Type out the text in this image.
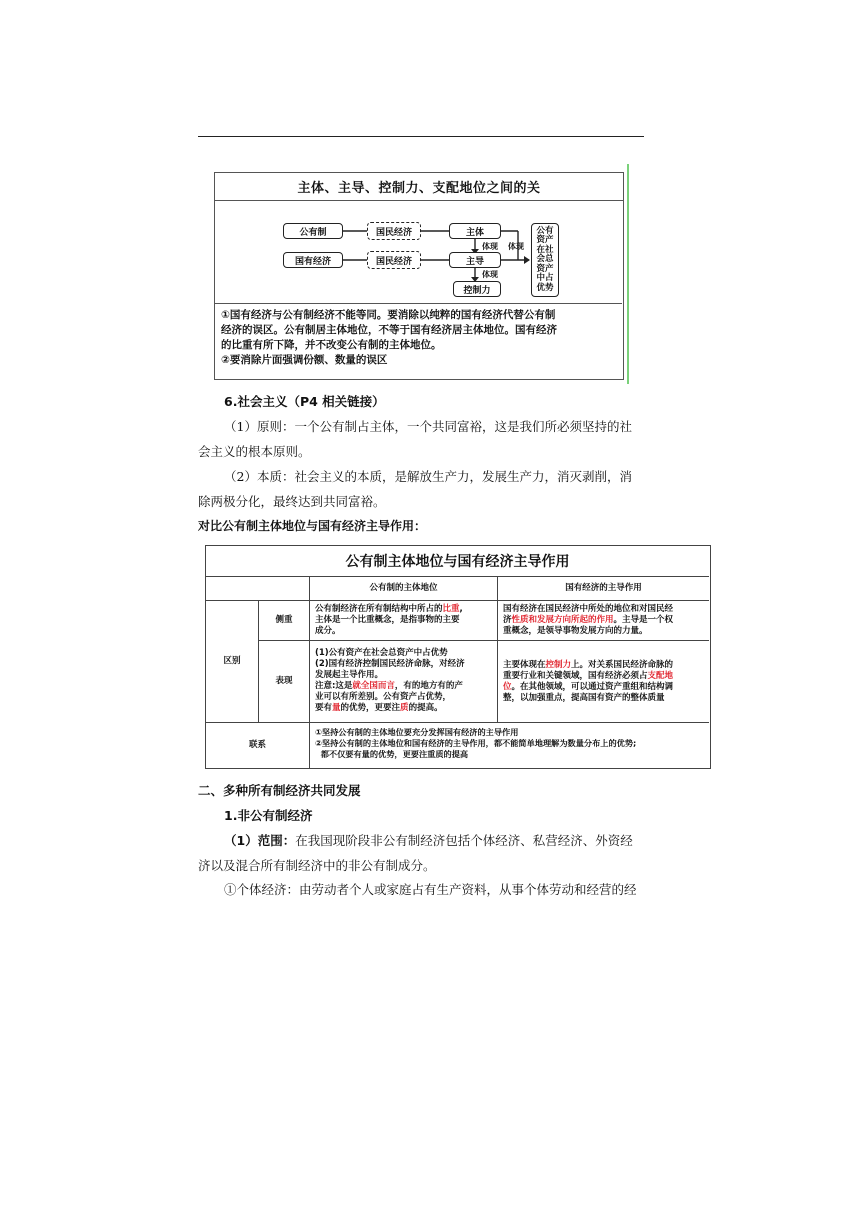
主体、主导、控制力、支配地位之间的关
公有制
国有经济
国民经济
国民经济
主体
主导
控制力
体现 体现
体现
公有
资产
在社
会总
资产
中占
优势
①国有经济与公有制经济不能等同。要消除以纯粹的国有经济代替公有制
经济的误区。公有制居主体地位，不等于国有经济居主体地位。国有经济
的比重有所下降，并不改变公有制的主体地位。
②要消除片面强调份额、数量的误区
6.社会主义（P4 相关链接）
（1）原则：一个公有制占主体，一个共同富裕，这是我们所必须坚持的社
会主义的根本原则。
（2）本质：社会主义的本质，是解放生产力，发展生产力，消灭剥削，消
除两极分化，最终达到共同富裕。
对比公有制主体地位与国有经济主导作用：
公有制主体地位与国有经济主导作用
公有制的主体地位	国有经济的主导作用
区别
侧重
表现
联系
公有制经济在所有制结构中所占的比重,
主体是一个比重概念，是指事物的主要
成分。
国有经济在国民经济中所处的地位和对国民经
济性质和发展方向所起的作用。主导是一个权
重概念，是领导事物发展方向的力量。
(1)公有资产在社会总资产中占优势
(2)国有经济控制国民经济命脉，对经济
发展起主导作用。
注意:这是就全国而言，有的地方有的产
业可以有所差别。公有资产占优势，
要有量的优势，更要注质的提高。
主要体现在控制力上。对关系国民经济命脉的
重要行业和关键领域，国有经济必须占支配地
位。在其他领域，可以通过资产重组和结构调
整，以加强重点，提高国有资产的整体质量
①坚持公有制的主体地位要充分发挥国有经济的主导作用
②坚持公有制的主体地位和国有经济的主导作用，都不能简单地理解为数量分布上的优势;
都不仅要有量的优势，更要注重质的提高
二、多种所有制经济共同发展
1.非公有制经济
（1）范围：在我国现阶段非公有制经济包括个体经济、私营经济、外资经
济以及混合所有制经济中的非公有制成分。
①个体经济：由劳动者个人或家庭占有生产资料，从事个体劳动和经营的经
